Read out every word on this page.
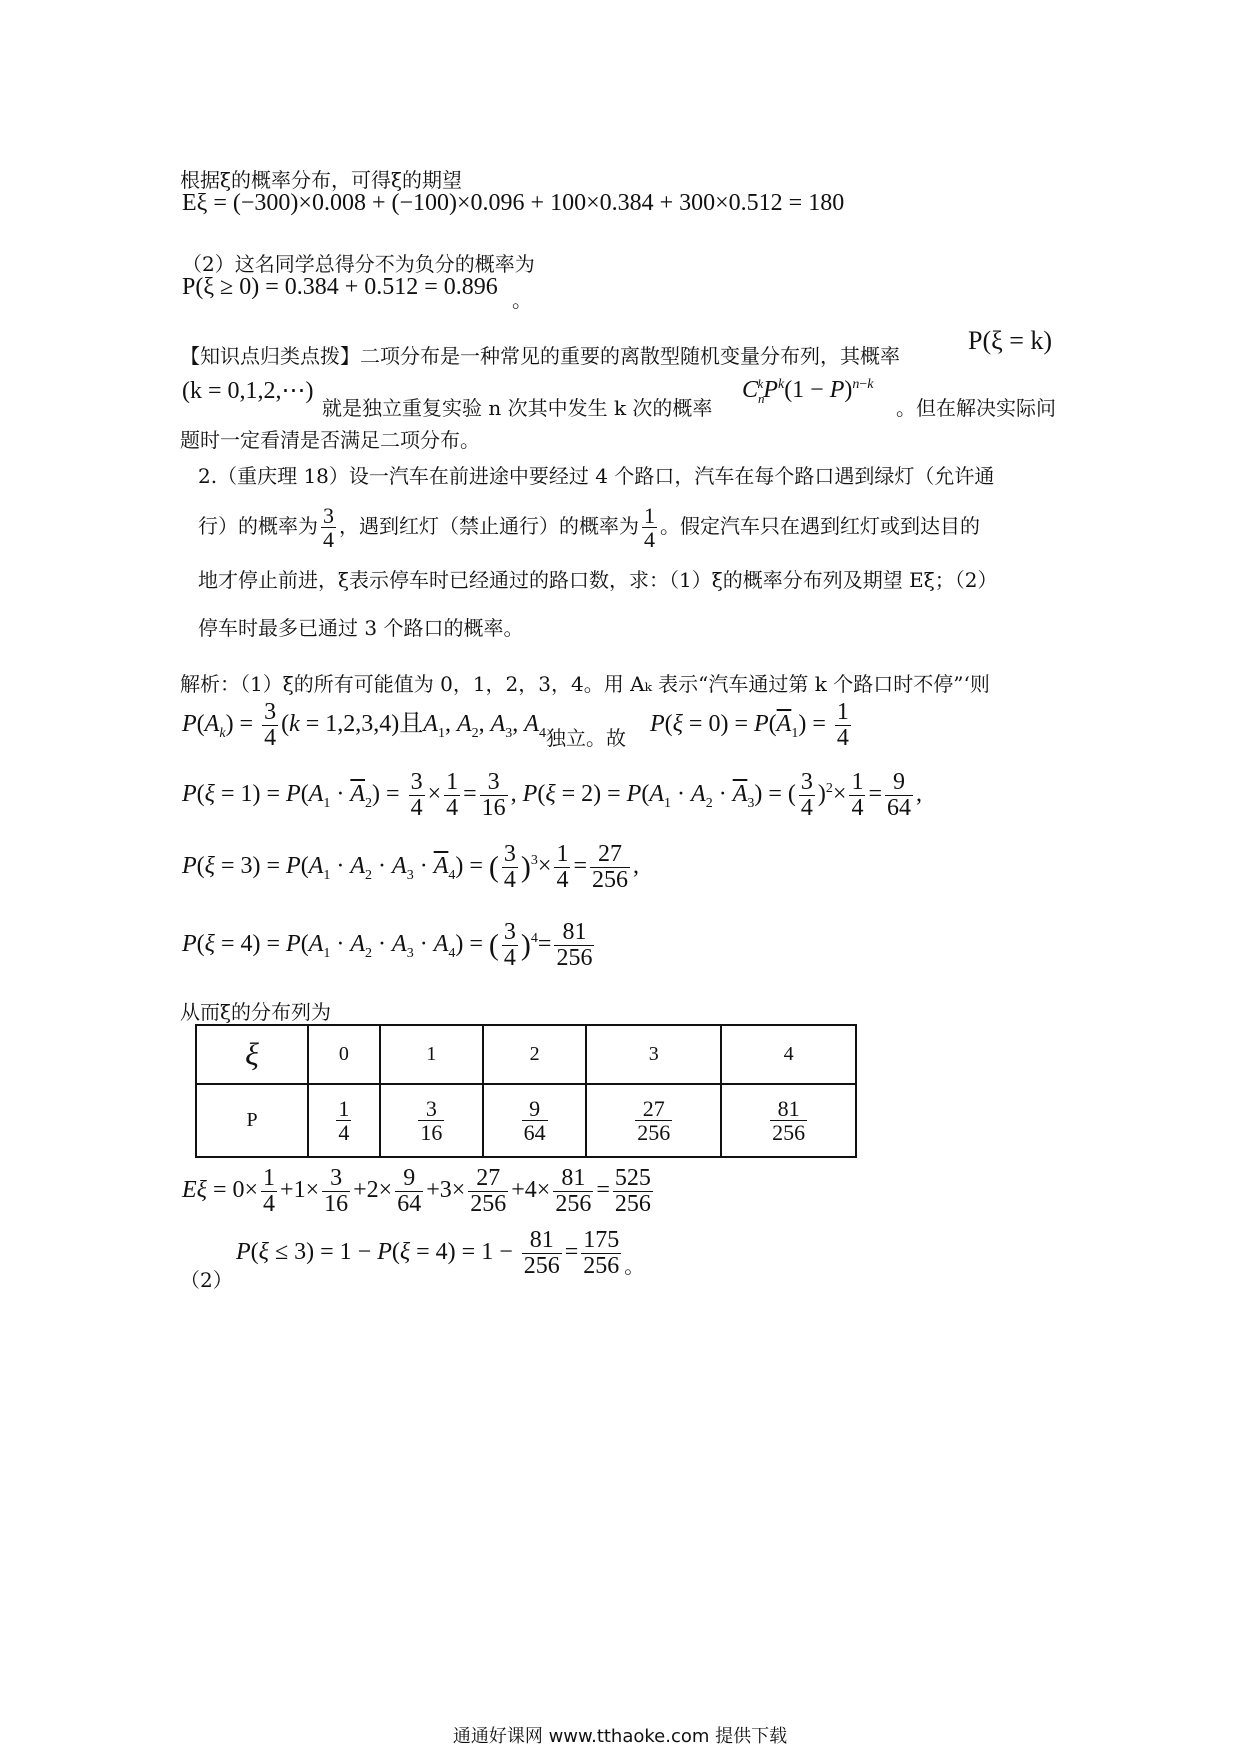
根据ξ的概率分布，可得ξ的期望
Eξ = (−300)×0.008 + (−100)×0.096 + 100×0.384 + 300×0.512 = 180
（2）这名同学总得分不为负分的概率为
P(ξ ≥ 0) = 0.384 + 0.512 = 0.896 。
【知识点归类点拨】二项分布是一种常见的重要的离散型随机变量分布列，其概率
P(ξ = k)
(k = 0,1,2,⋯)
就是独立重复实验 n 次其中发生 k 次的概率
$C_n^kP^k(1 - P)^{n-k}$
。但在解决实际问
题时一定看清是否满足二项分布。
2.（重庆理 18）设一汽车在前进途中要经过 4 个路口，汽车在每个路口遇到绿灯（允许通
行）的概率为 $\frac{3}{4}$ ，遇到红灯（禁止通行）的概率为 $\frac{1}{4}$ 。假定汽车只在遇到红灯或到达目的
地才停止前进，ξ表示停车时已经通过的路口数，求：（1）ξ的概率分布列及期望 Eξ；（2）
停车时最多已通过 3 个路口的概率。
解析：（1）ξ的所有可能值为 0，1，2，3，4。用 Aₖ 表示“汽车通过第 k 个路口时不停”‘则
$P(A_k) = \frac{3}{4} (k = 1,2,3,4)$且$A_1$, $A_2$, $A_3$, $A_{4独立。故}$ $P(\xi = 0) = P(\overline{A}_1) = \frac{1}{4}$
$P(\xi = 1) = P(A_1 \cdot \overline{A}_2) = \frac{3}{4} \times \frac{1}{4} = \frac{3}{16}$ , $P(\xi = 2) = P(A_1 \cdot A_2 \cdot \overline{A}_3)$ = ( $\frac{3}{4} )^2\times \frac{1}{4} = \frac{9}{64}$ ,
$P(\xi = 3) = P(A_1 \cdot A_2 \cdot A_3 \cdot \overline{A}_4)$ = ( $\frac{3}{4} )^3\times \frac{1}{4} = \frac{27}{256}$ ,
$P(\xi = 4) = P(A_1 \cdot A_2 \cdot A_3 \cdot A_4)$ = ( $\frac{3}{4} )^4= \frac{81}{256}$
从而ξ的分布列为
ξ	0	1	2	3	4
P	$\frac{1}{4}$	$\frac{3}{16}$	$\frac{9}{64}$	$\frac{27}{256}$	$\frac{81}{256}$
$E\xi = 0\times \frac{1}{4} +1\times \frac{3}{16} +2\times \frac{9}{64} +3\times \frac{27}{256} +4\times \frac{81}{256} = \frac{525}{256}$
（2）
$P(\xi \le 3) = 1 - P(\xi = 4) = 1 - \frac{81}{256} = \frac{175}{256} _。$
通通好课网 www.tthaoke.com 提供下载
